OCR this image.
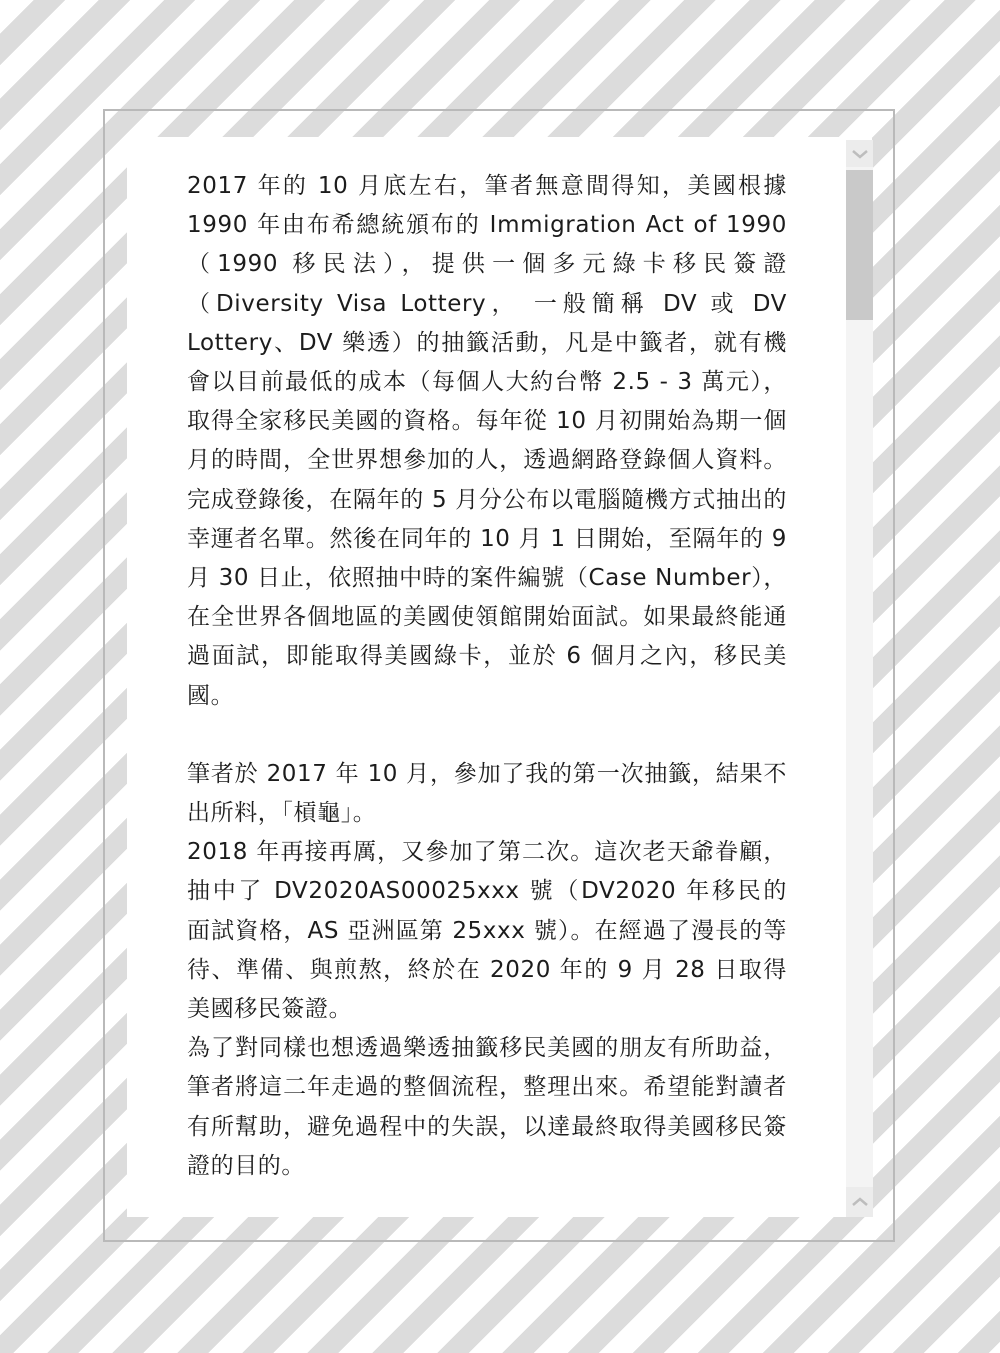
2017 年的 10 月底左右，筆者無意間得知，美國根據 1990 年由布希總統頒布的 Immigration Act of 1990（1990 移民法），提供一個多元綠卡移民簽證（Diversity Visa Lottery， 一般簡稱 DV 或 DV Lottery、DV 樂透）的抽籤活動，凡是中籤者，就有機會以目前最低的成本（每個人大約台幣 2.5 - 3 萬元），取得全家移民美國的資格。每年從 10 月初開始為期一個月的時間，全世界想參加的人，透過網路登錄個人資料。完成登錄後，在隔年的 5 月分公布以電腦隨機方式抽出的幸運者名單。然後在同年的 10 月 1 日開始，至隔年的 9 月 30 日止，依照抽中時的案件編號（Case Number），在全世界各個地區的美國使領館開始面試。如果最終能通過面試，即能取得美國綠卡，並於 6 個月之內，移民美國。

筆者於 2017 年 10 月，參加了我的第一次抽籤，結果不出所料，「槓龜」。

2018 年再接再厲，又參加了第二次。這次老天爺眷顧，抽中了 DV2020AS00025xxx 號（DV2020 年移民的面試資格，AS 亞洲區第 25xxx 號）。在經過了漫長的等待、準備、與煎熬，終於在 2020 年的 9 月 28 日取得美國移民簽證。

為了對同樣也想透過樂透抽籤移民美國的朋友有所助益，筆者將這二年走過的整個流程，整理出來。希望能對讀者有所幫助，避免過程中的失誤，以達最終取得美國移民簽證的目的。
